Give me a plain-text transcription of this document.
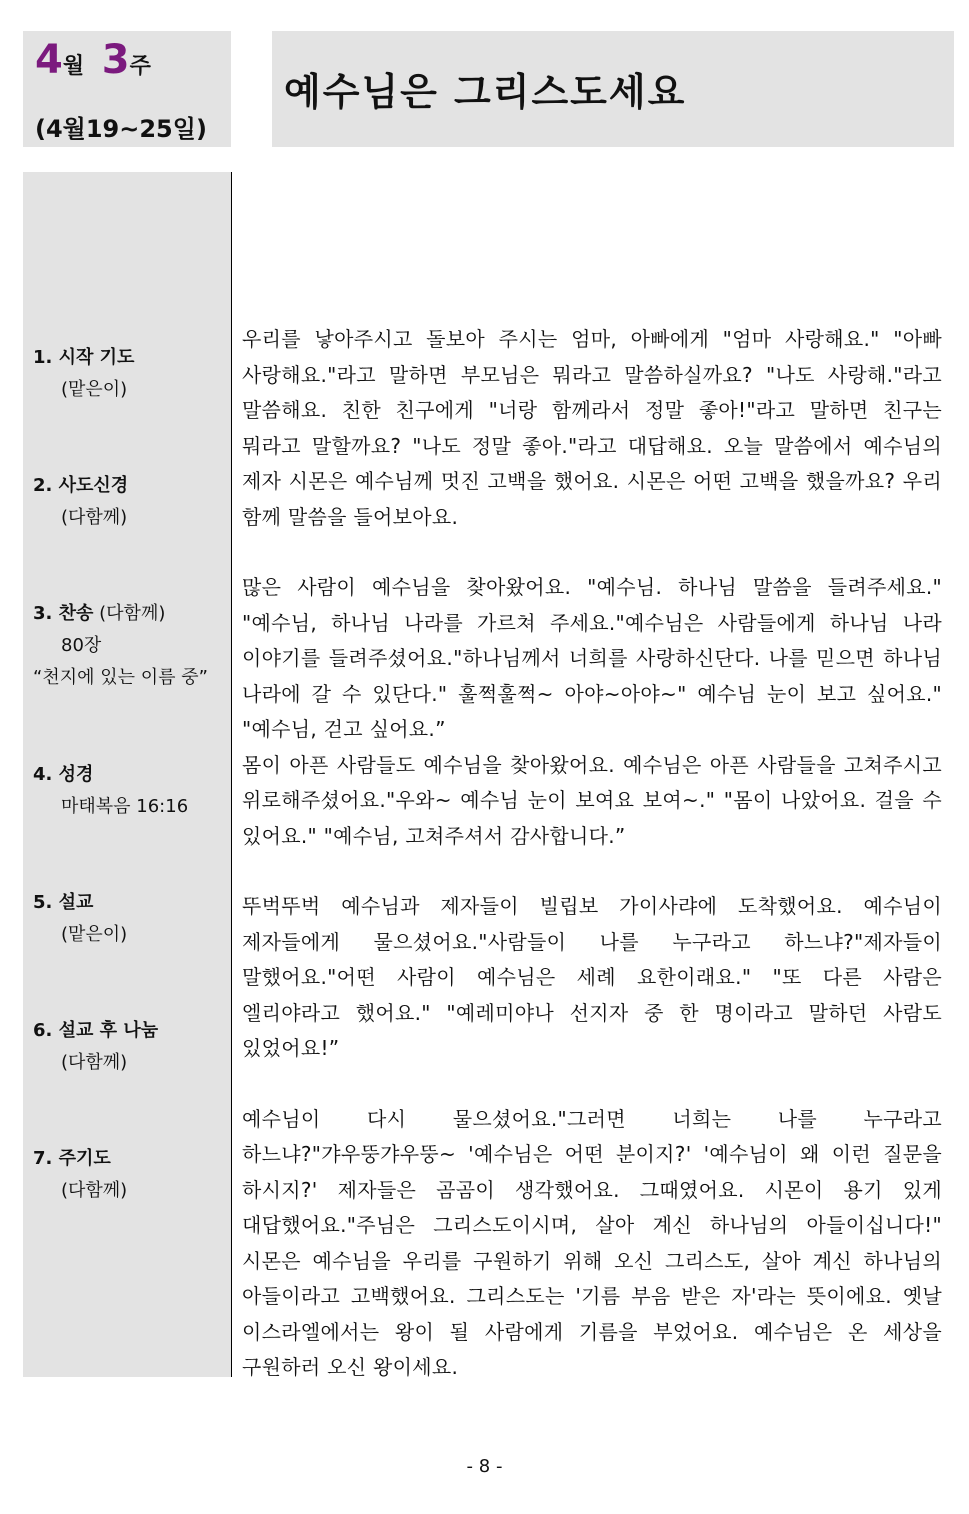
4월 3주
(4월19~25일)
예수님은 그리스도세요
1. 시작 기도
(맡은이)
2. 사도신경
(다함께)
3. 찬송 (다함께)
80장
“천지에 있는 이름 중”
4. 성경
마태복음 16:16
5. 설교
(맡은이)
6. 설교 후 나눔
(다함께)
7. 주기도
(다함께)

우리를 낳아주시고 돌보아 주시는 엄마, 아빠에게 "엄마 사랑해요." "아빠 사랑해요."라고 말하면 부모님은 뭐라고 말씀하실까요? "나도 사랑해."라고 말씀해요. 친한 친구에게 "너랑 함께라서 정말 좋아!"라고 말하면 친구는 뭐라고 말할까요? "나도 정말 좋아."라고 대답해요. 오늘 말씀에서 예수님의 제자 시몬은 예수님께 멋진 고백을 했어요. 시몬은 어떤 고백을 했을까요? 우리 함께 말씀을 들어보아요.

많은 사람이 예수님을 찾아왔어요. "예수님. 하나님 말씀을 들려주세요." "예수님, 하나님 나라를 가르쳐 주세요."예수님은 사람들에게 하나님 나라 이야기를 들려주셨어요."하나님께서 너희를 사랑하신단다. 나를 믿으면 하나님 나라에 갈 수 있단다." 훌쩍훌쩍~ 아야~아야~" 예수님 눈이 보고 싶어요." "예수님, 걷고 싶어요.”

몸이 아픈 사람들도 예수님을 찾아왔어요. 예수님은 아픈 사람들을 고쳐주시고 위로해주셨어요."우와~ 예수님 눈이 보여요 보여~." "몸이 나았어요. 걸을 수 있어요." "예수님, 고쳐주셔서 감사합니다.”

뚜벅뚜벅 예수님과 제자들이 빌립보 가이사랴에 도착했어요. 예수님이 제자들에게 물으셨어요."사람들이 나를 누구라고 하느냐?"제자들이 말했어요."어떤 사람이 예수님은 세례 요한이래요." "또 다른 사람은 엘리야라고 했어요." "예레미야나 선지자 중 한 명이라고 말하던 사람도 있었어요!”

예수님이 다시 물으셨어요."그러면 너희는 나를 누구라고 하느냐?"갸우뚱갸우뚱~ '예수님은 어떤 분이지?' '예수님이 왜 이런 질문을 하시지?' 제자들은 곰곰이 생각했어요. 그때였어요. 시몬이 용기 있게 대답했어요."주님은 그리스도이시며, 살아 계신 하나님의 아들이십니다!" 시몬은 예수님을 우리를 구원하기 위해 오신 그리스도, 살아 계신 하나님의 아들이라고 고백했어요. 그리스도는 '기름 부음 받은 자'라는 뜻이에요. 옛날 이스라엘에서는 왕이 될 사람에게 기름을 부었어요. 예수님은 온 세상을 구원하러 오신 왕이세요.

- 8 -
